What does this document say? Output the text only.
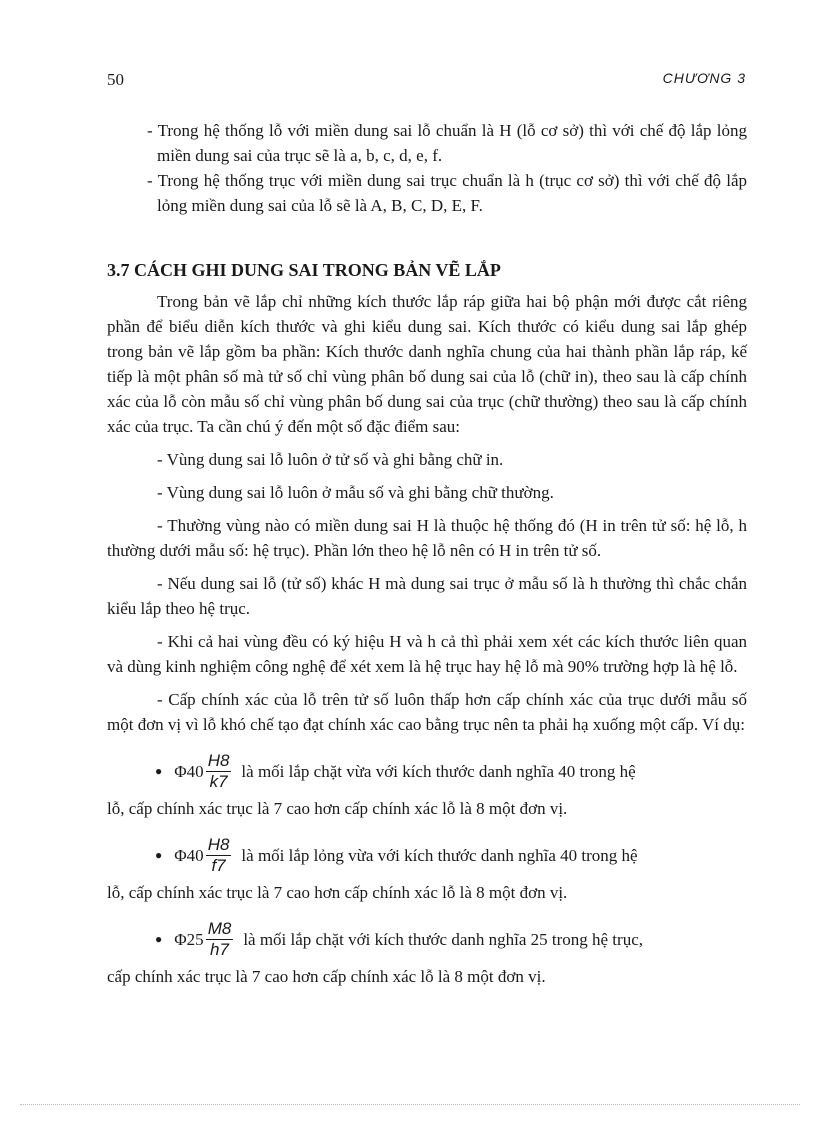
50	CHƯƠNG 3

- Trong hệ thống lỗ với miền dung sai lỗ chuẩn là H (lỗ cơ sở) thì với chế độ lắp lỏng miền dung sai của trục sẽ là a, b, c, d, e, f.

- Trong hệ thống trục với miền dung sai trục chuẩn là h (trục cơ sở) thì với chế độ lắp lỏng miền dung sai của lỗ sẽ là A, B, C, D, E, F.

3.7 CÁCH GHI DUNG SAI TRONG BẢN VẼ LẮP

Trong bản vẽ lắp chỉ những kích thước lắp ráp giữa hai bộ phận mới được cắt riêng phần để biểu diễn kích thước và ghi kiểu dung sai. Kích thước có kiểu dung sai lắp ghép trong bản vẽ lắp gồm ba phần: Kích thước danh nghĩa chung của hai thành phần lắp ráp, kế tiếp là một phân số mà tử số chỉ vùng phân bố dung sai của lỗ (chữ in), theo sau là cấp chính xác của lỗ còn mẫu số chỉ vùng phân bố dung sai của trục (chữ thường) theo sau là cấp chính xác của trục. Ta cần chú ý đến một số đặc điểm sau:

- Vùng dung sai lỗ luôn ở tử số và ghi bằng chữ in.

- Vùng dung sai lỗ luôn ở mẫu số và ghi bằng chữ thường.

- Thường vùng nào có miền dung sai H là thuộc hệ thống đó (H in trên tử số: hệ lỗ, h thường dưới mẫu số: hệ trục). Phần lớn theo hệ lỗ nên có H in trên tử số.

- Nếu dung sai lỗ (tử số) khác H mà dung sai trục ở mẫu số là h thường thì chắc chắn kiểu lắp theo hệ trục.

- Khi cả hai vùng đều có ký hiệu H và h cả thì phải xem xét các kích thước liên quan và dùng kinh nghiệm công nghệ để xét xem là hệ trục hay hệ lỗ mà 90% trường hợp là hệ lỗ.

- Cấp chính xác của lỗ trên tử số luôn thấp hơn cấp chính xác của trục dưới mẫu số một đơn vị vì lỗ khó chế tạo đạt chính xác cao bằng trục nên ta phải hạ xuống một cấp. Ví dụ:

● $\Phi 40 \frac{H8}{k7}$ là mối lắp chặt vừa với kích thước danh nghĩa 40 trong hệ
lỗ, cấp chính xác trục là 7 cao hơn cấp chính xác lỗ là 8 một đơn vị.
● $\Phi 40 \frac{H8}{f7}$ là mối lắp lỏng vừa với kích thước danh nghĩa 40 trong hệ
lỗ, cấp chính xác trục là 7 cao hơn cấp chính xác lỗ là 8 một đơn vị.
● $\Phi 25 \frac{M8}{h7}$ là mối lắp chặt với kích thước danh nghĩa 25 trong hệ trục,
cấp chính xác trục là 7 cao hơn cấp chính xác lỗ là 8 một đơn vị.
